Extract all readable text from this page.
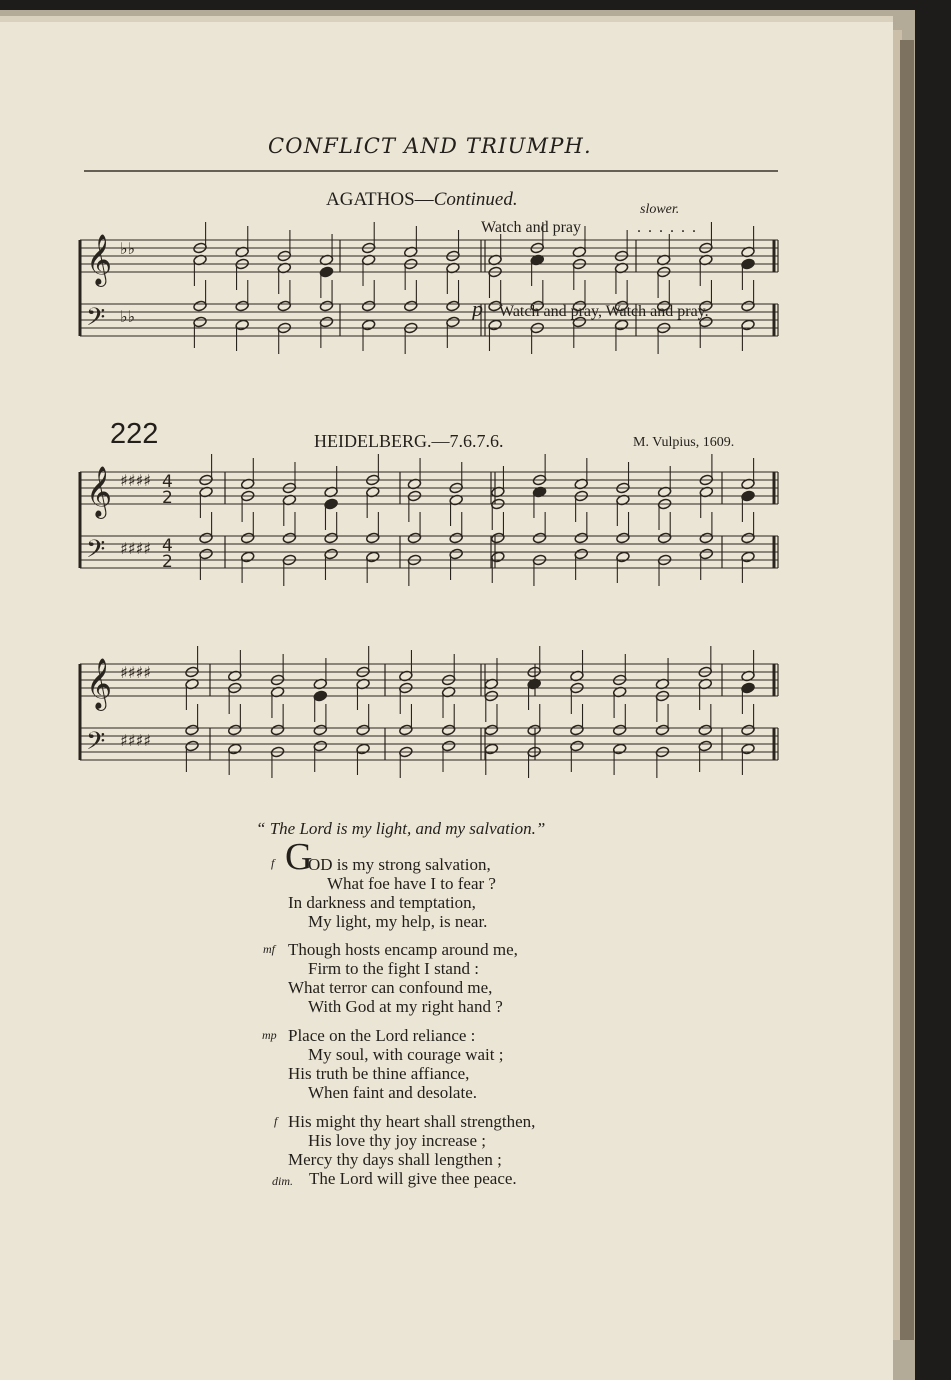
CONFLICT AND TRIUMPH.
AGATHOS—Continued.	slower.
Watch and pray	......
p Watch and pray, Watch and pray.
222	HEIDELBERG.—7.6.7.6.	M. Vulpius, 1609.
𝄞
𝄢
♭♭
♭♭
𝄞
𝄢
♯♯♯♯
♯♯♯♯
4
2
4
2
𝄞
𝄢
♯♯♯♯
♯♯♯♯
“ The Lord is my light, and my salvation.”
f G
OD is my strong salvation,
What foe have I to fear ?
In darkness and temptation,
My light, my help, is near.
mf Though hosts encamp around me,
Firm to the fight I stand :
What terror can confound me,
With God at my right hand ?
mp Place on the Lord reliance :
My soul, with courage wait ;
His truth be thine affiance,
When faint and desolate.
f His might thy heart shall strengthen,
His love thy joy increase ;
Mercy thy days shall lengthen ;
dim. The Lord will give thee peace.
